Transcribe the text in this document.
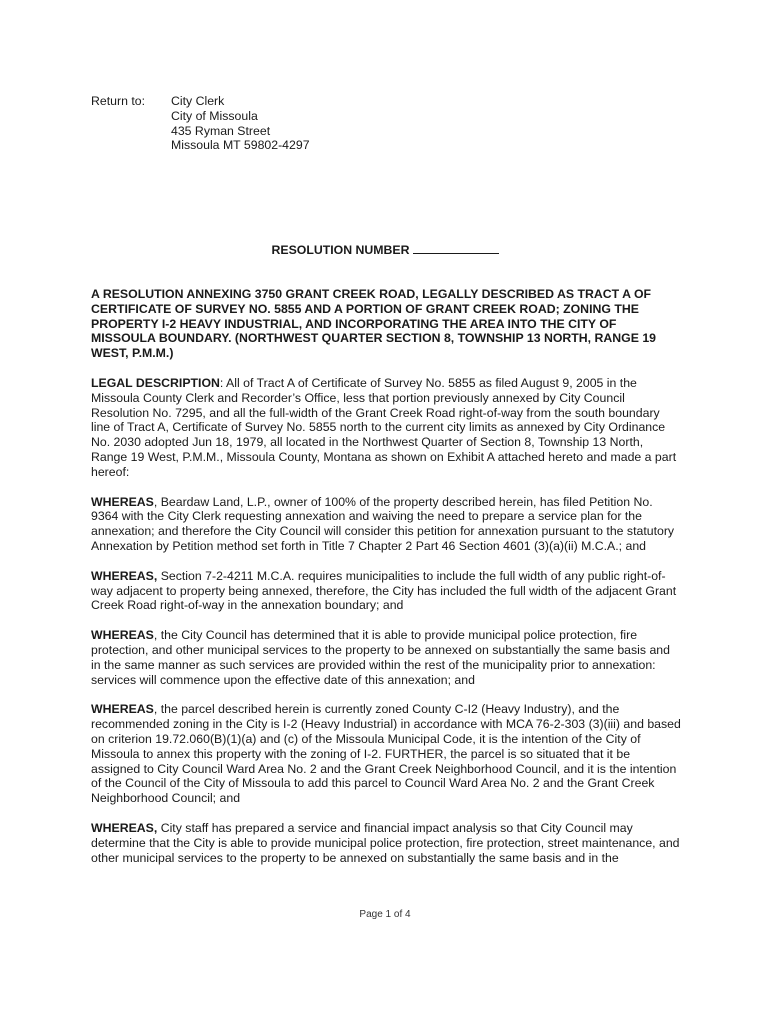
Return to:	City Clerk
City of Missoula
435 Ryman Street
Missoula MT 59802-4297
RESOLUTION NUMBER

A RESOLUTION ANNEXING 3750 GRANT CREEK ROAD, LEGALLY DESCRIBED AS TRACT A OF CERTIFICATE OF SURVEY NO. 5855 AND A PORTION OF GRANT CREEK ROAD; ZONING THE PROPERTY I-2 HEAVY INDUSTRIAL, AND INCORPORATING THE AREA INTO THE CITY OF MISSOULA BOUNDARY. (NORTHWEST QUARTER SECTION 8, TOWNSHIP 13 NORTH, RANGE 19 WEST, P.M.M.)

LEGAL DESCRIPTION: All of Tract A of Certificate of Survey No. 5855 as filed August 9, 2005 in the Missoula County Clerk and Recorder’s Office, less that portion previously annexed by City Council Resolution No. 7295, and all the full-width of the Grant Creek Road right-of-way from the south boundary line of Tract A, Certificate of Survey No. 5855 north to the current city limits as annexed by City Ordinance No. 2030 adopted Jun 18, 1979, all located in the Northwest Quarter of Section 8, Township 13 North, Range 19 West, P.M.M., Missoula County, Montana as shown on Exhibit A attached hereto and made a part hereof:

WHEREAS, Beardaw Land, L.P., owner of 100% of the property described herein, has filed Petition No. 9364 with the City Clerk requesting annexation and waiving the need to prepare a service plan for the annexation; and therefore the City Council will consider this petition for annexation pursuant to the statutory Annexation by Petition method set forth in Title 7 Chapter 2 Part 46 Section 4601 (3)(a)(ii) M.C.A.; and

WHEREAS, Section 7-2-4211 M.C.A. requires municipalities to include the full width of any public right-of-way adjacent to property being annexed, therefore, the City has included the full width of the adjacent Grant Creek Road right-of-way in the annexation boundary; and

WHEREAS, the City Council has determined that it is able to provide municipal police protection, fire protection, and other municipal services to the property to be annexed on substantially the same basis and in the same manner as such services are provided within the rest of the municipality prior to annexation: services will commence upon the effective date of this annexation; and

WHEREAS, the parcel described herein is currently zoned County C-I2 (Heavy Industry), and the recommended zoning in the City is I-2 (Heavy Industrial) in accordance with MCA 76-2-303 (3)(iii) and based on criterion 19.72.060(B)(1)(a) and (c) of the Missoula Municipal Code, it is the intention of the City of Missoula to annex this property with the zoning of I-2. FURTHER, the parcel is so situated that it be assigned to City Council Ward Area No. 2 and the Grant Creek Neighborhood Council, and it is the intention of the Council of the City of Missoula to add this parcel to Council Ward Area No. 2 and the Grant Creek Neighborhood Council; and

WHEREAS, City staff has prepared a service and financial impact analysis so that City Council may determine that the City is able to provide municipal police protection, fire protection, street maintenance, and other municipal services to the property to be annexed on substantially the same basis and in the

Page 1 of 4
